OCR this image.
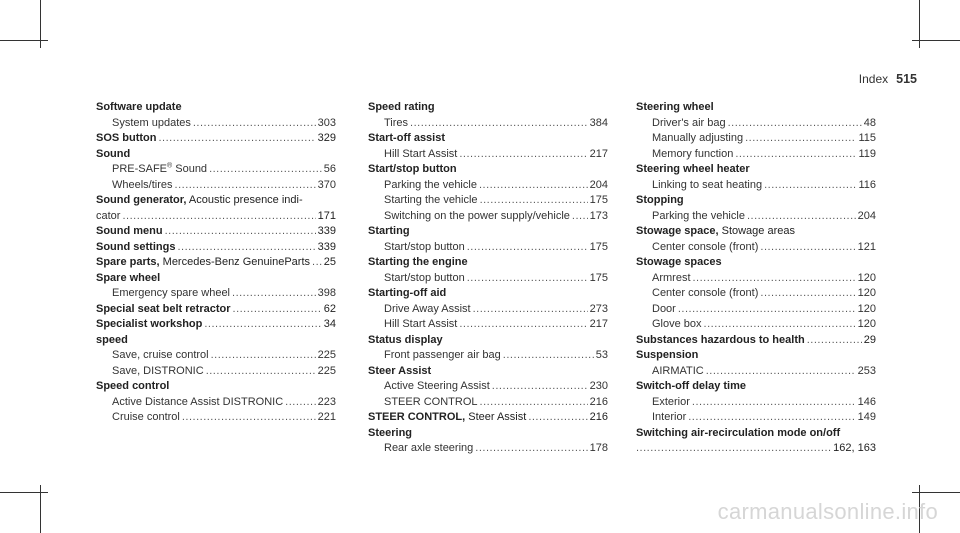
Index 515
Software update
System updates .....	303
SOS button .....	329
Sound
PRE-SAFE® Sound .....	56
Wheels/tires .....	370
Sound generator, Acoustic presence indi-
cator .....	171
Sound menu .....	339
Sound settings .....	339
Spare parts, Mercedes-Benz GenuineParts ..... 25
Spare wheel
Emergency spare wheel .....	398
Special seat belt retractor .....	62
Specialist workshop .....	34
speed
Save, cruise control .....	225
Save, DISTRONIC .....	225
Speed control
Active Distance Assist DISTRONIC .....	223
Cruise control .....	221
Speed rating
Tires .....	384
Start-off assist
Hill Start Assist .....	217
Start/stop button
Parking the vehicle .....	204
Starting the vehicle .....	175
Switching on the power supply/vehicle ..... 173
Starting
Start/stop button .....	175
Starting the engine
Start/stop button .....	175
Starting-off aid
Drive Away Assist .....	273
Hill Start Assist .....	217
Status display
Front passenger air bag .....	53
Steer Assist
Active Steering Assist .....	230
STEER CONTROL .....	216
STEER CONTROL, Steer Assist .....	216
Steering
Rear axle steering .....	178
Steering wheel
Driver's air bag .....	48
Manually adjusting .....	115
Memory function .....	119
Steering wheel heater
Linking to seat heating .....	116
Stopping
Parking the vehicle .....	204
Stowage space, Stowage areas
Center console (front) .....	121
Stowage spaces
Armrest .....	120
Center console (front) .....	120
Door .....	120
Glove box .....	120
Substances hazardous to health .....	29
Suspension
AIRMATIC .....	253
Switch-off delay time
Exterior .....	146
Interior .....	149
Switching air-recirculation mode on/off
.....
162, 163
carmanualsonline.info
